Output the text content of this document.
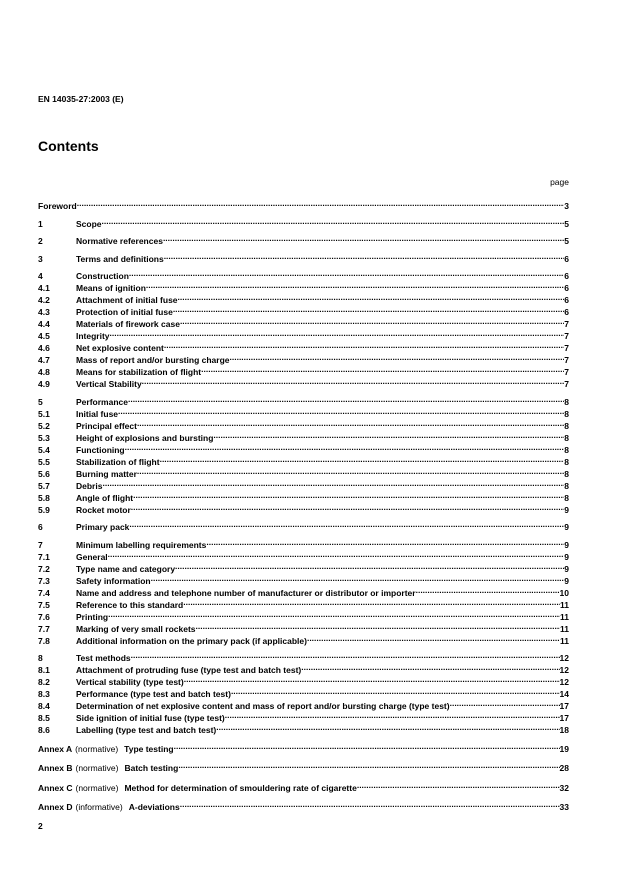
EN 14035-27:2003 (E)
Contents
page
Foreword .....	3
1	Scope .....	5
2	Normative references .....	5
3	Terms and definitions .....	6
4	Construction .....	6
4.1	Means of ignition .....	6
4.2	Attachment of initial fuse .....	6
4.3	Protection of initial fuse .....	6
4.4	Materials of firework case .....	7
4.5	Integrity .....	7
4.6	Net explosive content .....	7
4.7	Mass of report and/or bursting charge .....	7
4.8	Means for stabilization of flight .....	7
4.9	Vertical Stability .....	7
5	Performance .....	8
5.1	Initial fuse .....	8
5.2	Principal effect .....	8
5.3	Height of explosions and bursting .....	8
5.4	Functioning .....	8
5.5	Stabilization of flight .....	8
5.6	Burning matter .....	8
5.7	Debris .....	8
5.8	Angle of flight .....	8
5.9	Rocket motor .....	9
6	Primary pack .....	9
7	Minimum labelling requirements .....	9
7.1	General .....	9
7.2	Type name and category .....	9
7.3	Safety information .....	9
7.4	Name and address and telephone number of manufacturer or distributor or importer .....	10
7.5	Reference to this standard .....	11
7.6	Printing .....	11
7.7	Marking of very small rockets .....	11
7.8	Additional information on the primary pack (if applicable) .....	11
8	Test methods .....	12
8.1	Attachment of protruding fuse (type test and batch test) .....	12
8.2	Vertical stability (type test) .....	12
8.3	Performance (type test and batch test) .....	14
8.4	Determination of net explosive content and mass of report and/or bursting charge (type test) .....	17
8.5	Side ignition of initial fuse (type test) .....	17
8.6	Labelling (type test and batch test) .....	18
Annex A (normative) Type testing .....	19
Annex B (normative) Batch testing .....	28
Annex C (normative) Method for determination of smouldering rate of cigarette .....	32
Annex D (informative) A-deviations .....	33
2
